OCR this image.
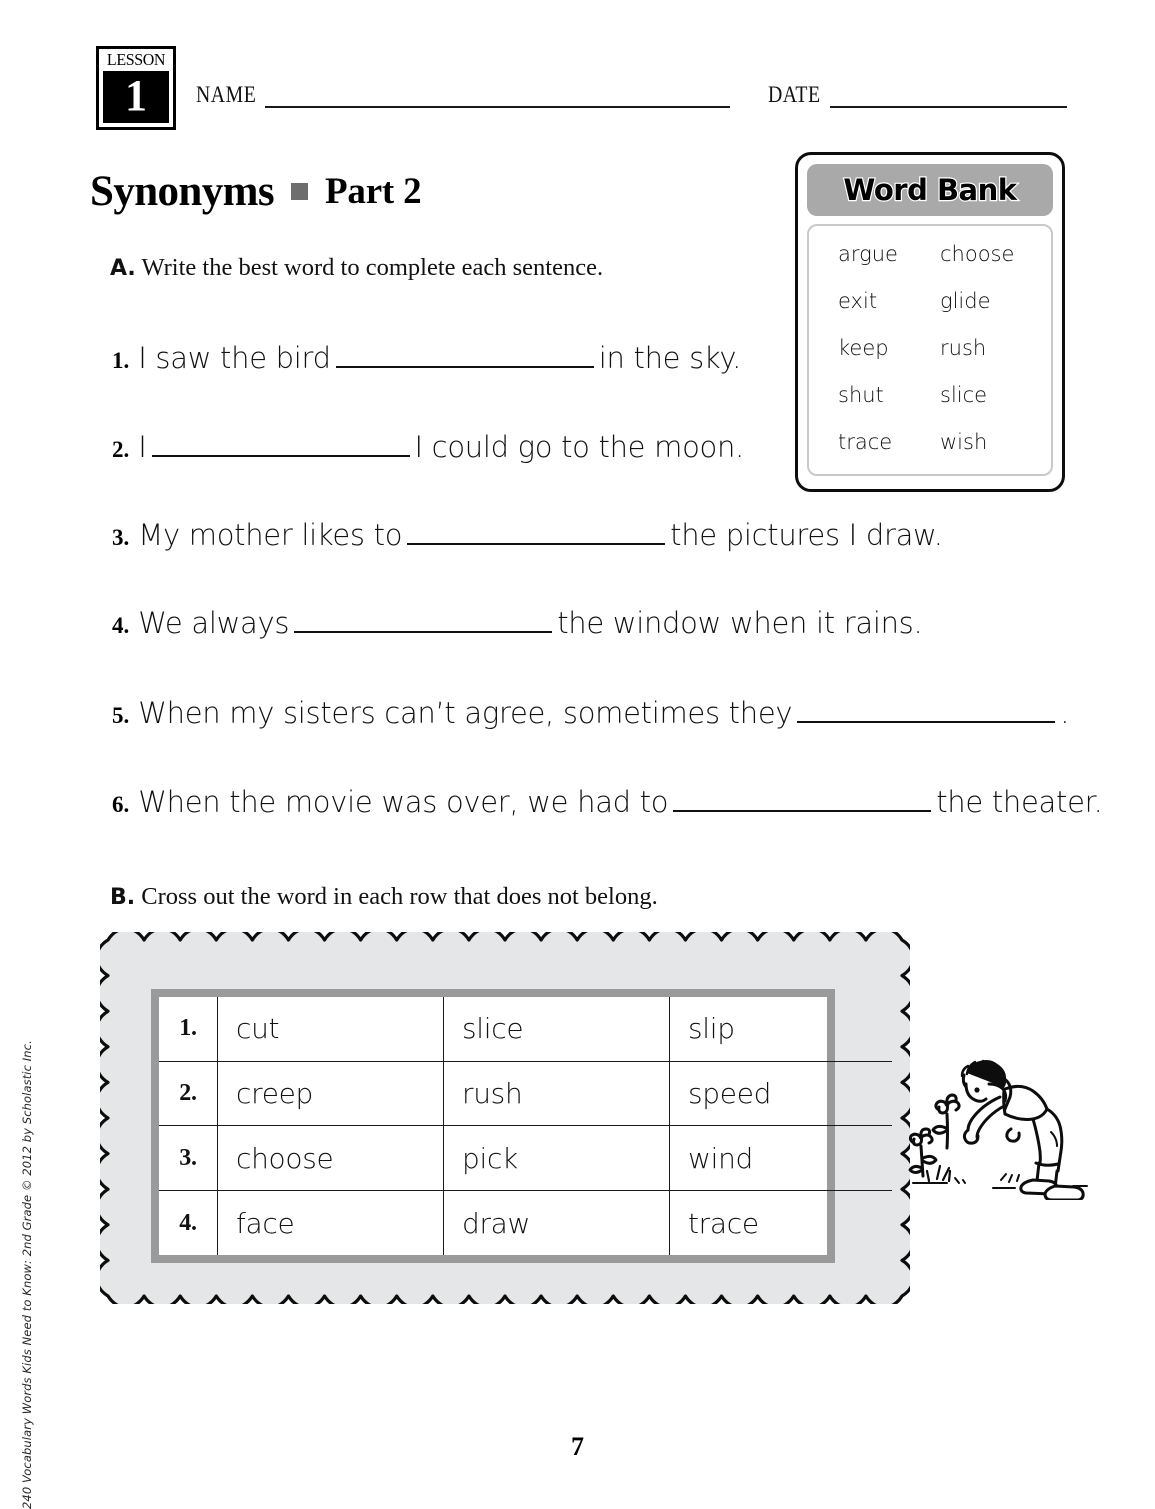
240 Vocabulary Words Kids Need to Know: 2nd Grade © 2012 by Scholastic Inc.
LESSON
1	NAME	DATE
Synonyms Part 2
A. Write the best word to complete each sentence.
Word Bank
argue	choose
exit	glide
keep	rush
shut	slice
trace	wish
1. I saw the bird	in the sky.
2. I	I could go to the moon.
3. My mother likes to	the pictures I draw.
4. We always	the window when it rains.
5. When my sisters can’t agree, sometimes they	.
6. When the movie was over, we had to	the theater.
B. Cross out the word in each row that does not belong.
1.	cut	slice	slip
2.	creep	rush	speed
3.	choose	pick	wind
4.	face	draw	trace
7
